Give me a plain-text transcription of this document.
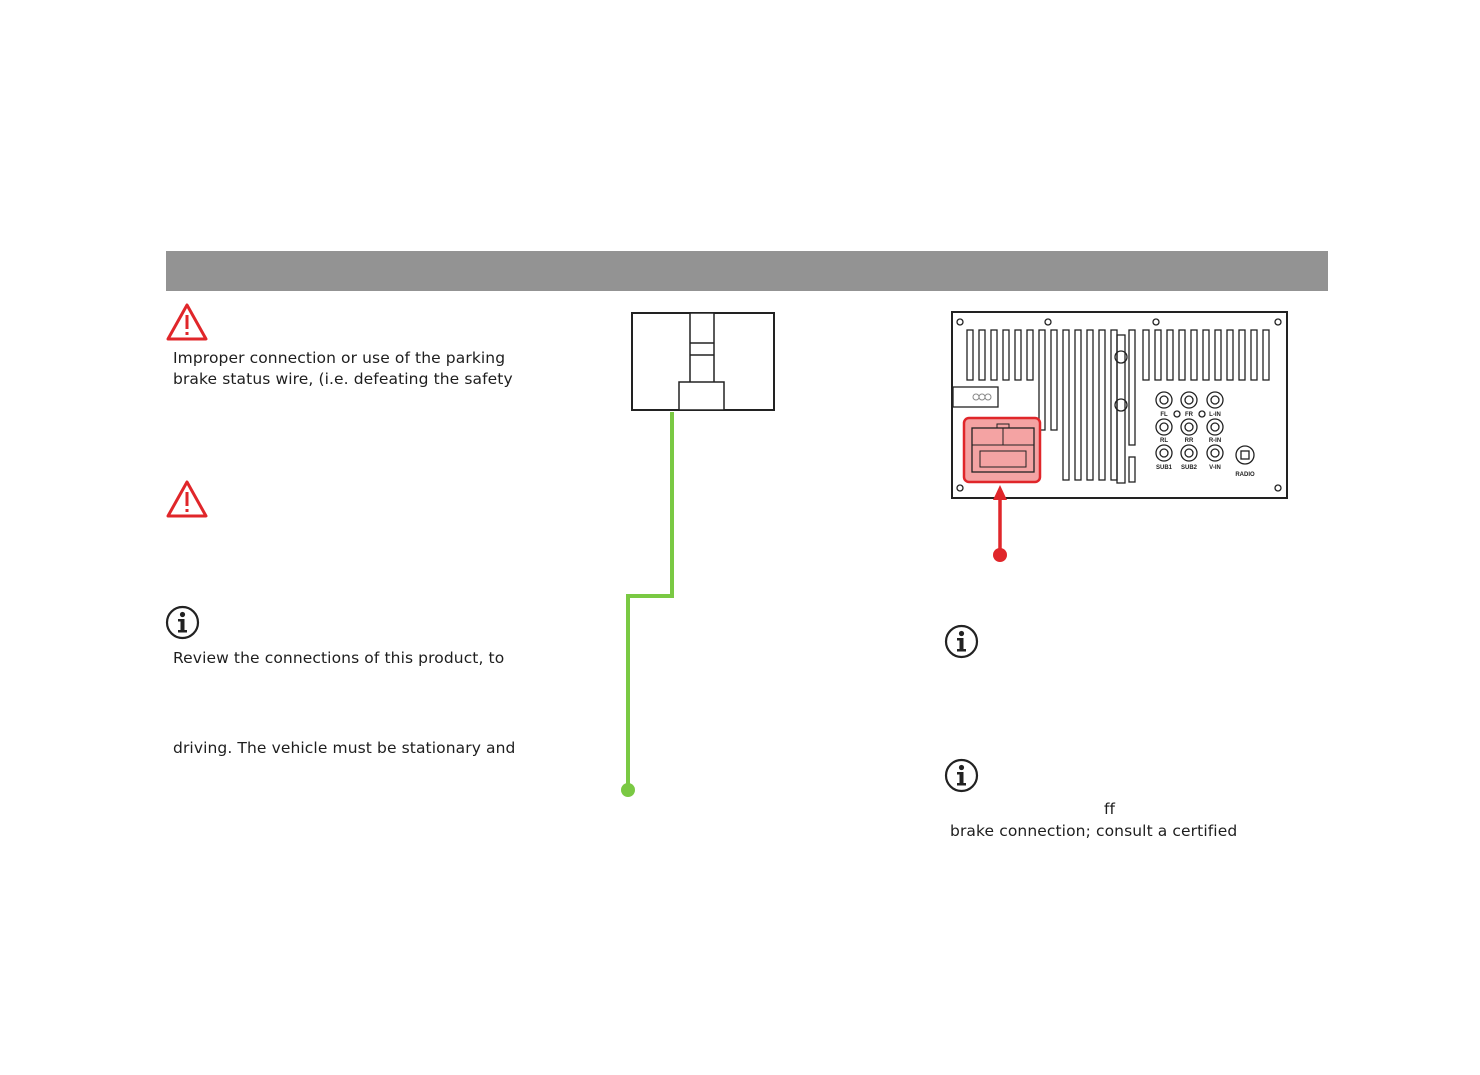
Improper connection or use of the parking
brake status wire, (i.e. defeating the safety
Review the connections of this product, to
driving. The vehicle must be stationary and
FL	FR	L-IN
RL	RR	R-IN
SUB1 SUB2 V-IN
RADIO
ff
brake connection; consult a certified
